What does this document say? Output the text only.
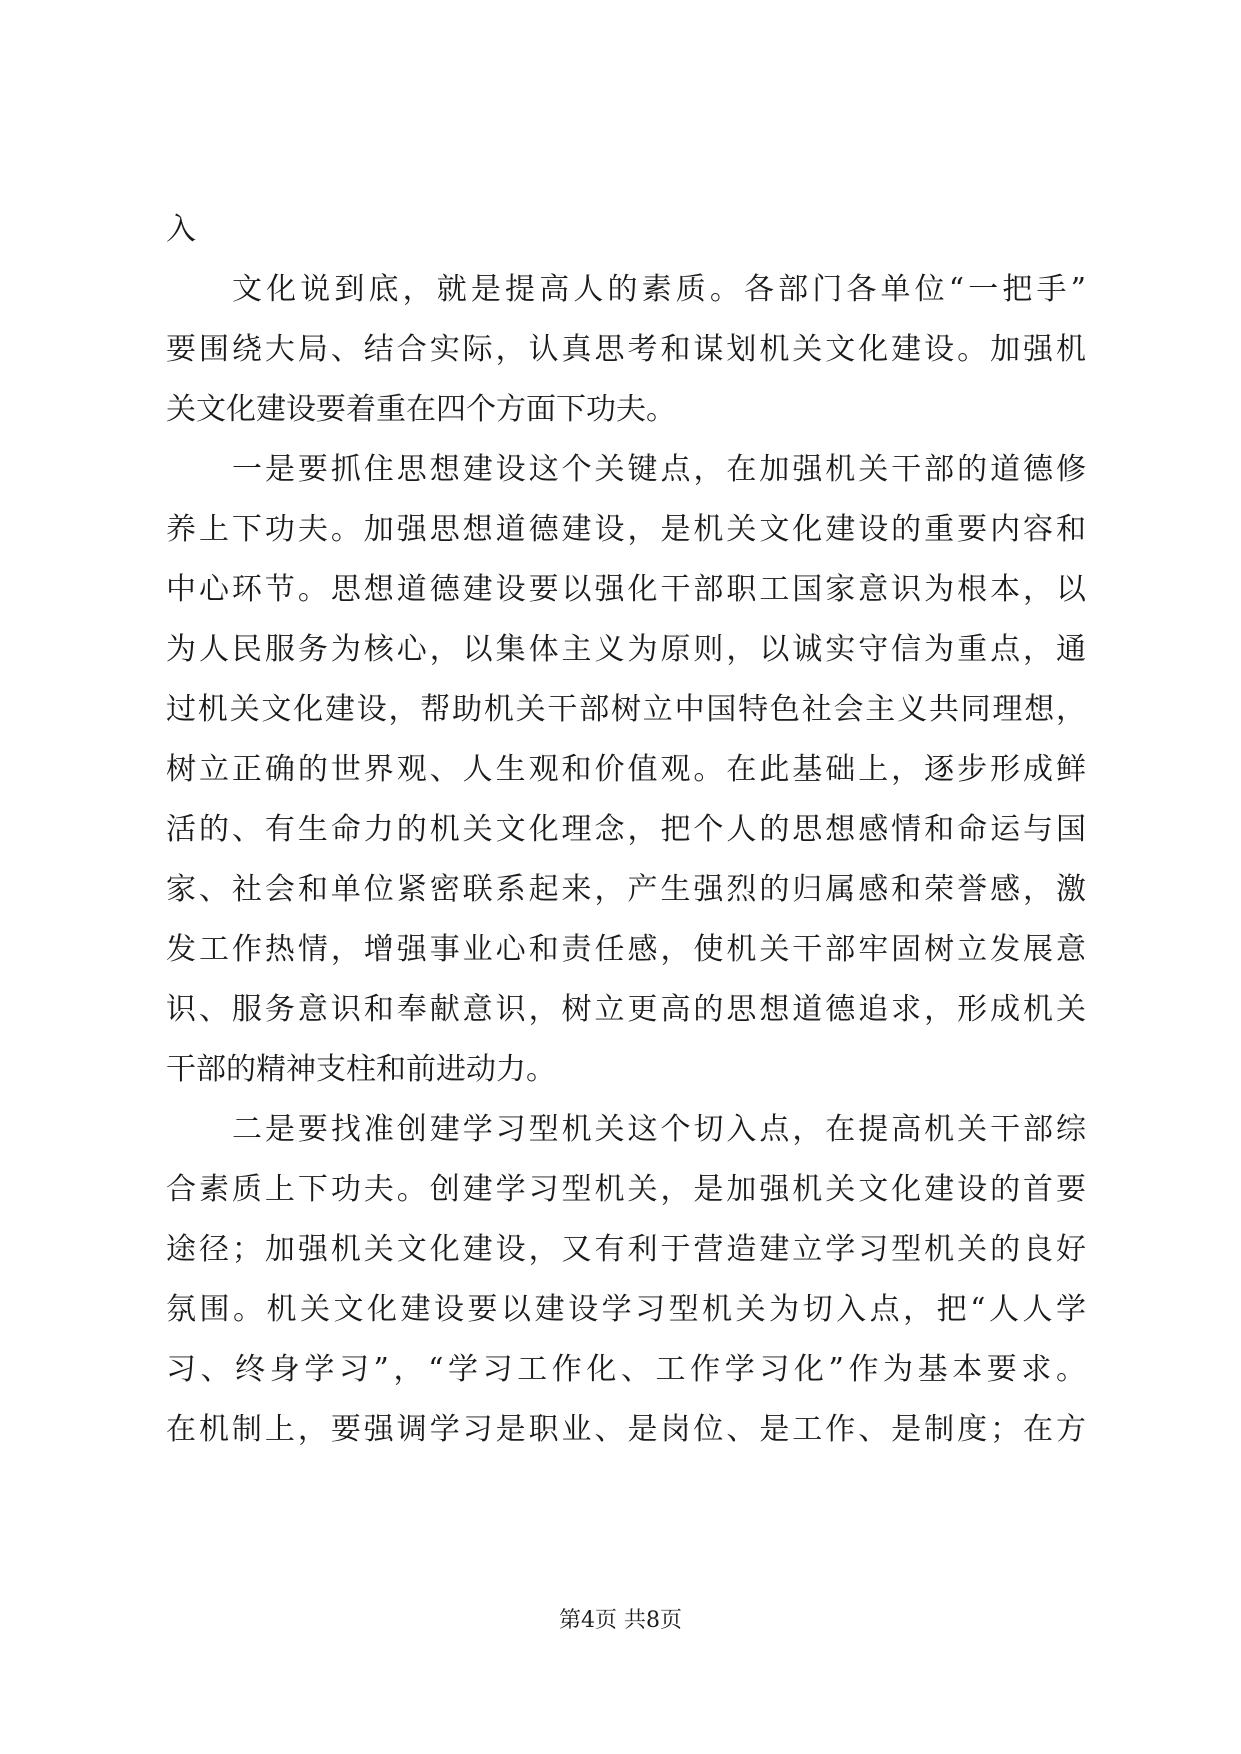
入
文化说到底，就是提高人的素质。各部门各单位“一把手”
要围绕大局、结合实际，认真思考和谋划机关文化建设。加强机
关文化建设要着重在四个方面下功夫。
一是要抓住思想建设这个关键点，在加强机关干部的道德修
养上下功夫。加强思想道德建设，是机关文化建设的重要内容和
中心环节。思想道德建设要以强化干部职工国家意识为根本，以
为人民服务为核心，以集体主义为原则，以诚实守信为重点，通
过机关文化建设，帮助机关干部树立中国特色社会主义共同理想，
树立正确的世界观、人生观和价值观。在此基础上，逐步形成鲜
活的、有生命力的机关文化理念，把个人的思想感情和命运与国
家、社会和单位紧密联系起来，产生强烈的归属感和荣誉感，激
发工作热情，增强事业心和责任感，使机关干部牢固树立发展意
识、服务意识和奉献意识，树立更高的思想道德追求，形成机关
干部的精神支柱和前进动力。
二是要找准创建学习型机关这个切入点，在提高机关干部综
合素质上下功夫。创建学习型机关，是加强机关文化建设的首要
途径；加强机关文化建设，又有利于营造建立学习型机关的良好
氛围。机关文化建设要以建设学习型机关为切入点，把“人人学
习、终身学习”，“学习工作化、工作学习化”作为基本要求。
在机制上，要强调学习是职业、是岗位、是工作、是制度；在方
第4页 共8页
